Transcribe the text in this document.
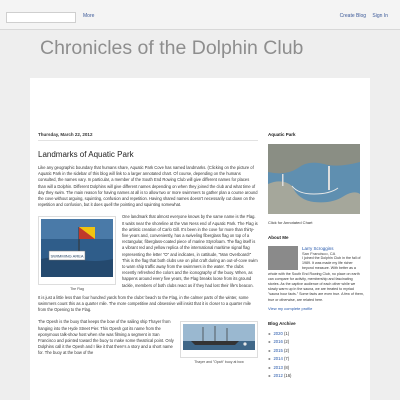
More	Create Blog Sign In
Chronicles of the Dolphin Club
Thursday, March 22, 2012
Landmarks of Aquatic Park

Like any geographic boundary that humans share, Aquatic Park Cove has named landmarks. (Clicking on the picture of Aquatic Park in the sidebar of this blog will link to a larger annotated chart. Of course, depending on the humans consulted, the names vary. In particular, a member of the South End Rowing Club will give different names for places than will a Dolphin. Different Dolphins will give different names depending on when they joined the club and what time of day they swim. The main reason for having names at all is to allow two or more swimmers to gather plan a course around the cove without arguing, squinting, confusion and repetition. Having shared names doesn't necessarily cut down on the repetition and confusion, but it does quell the pointing and squinting somewhat.

SWIMMING AREA
The Flag

One landmark that almost everyone knows by the same name is the Flag. It waits near the shoreline at the Van Ness end of Aquatic Park. The Flag is the artistic creation of Carlo Gill. It's been in the cove for more than thirty-five years and, conveniently, has a swiveling fiberglass flag on top of a rectangular, fiberglass-coated piece of marine Styrofoam. The flag itself is a vibrant red and yellow replica of the international maritime signal flag representing the letter "O" and indicates, in cattitude, "Man Overboard!" This is the flag that both clubs use on pilot craft during an out-of-cove swim to warn ship traffic away from the swimmers in the water. The clubs recently refreshed the colors and the iconography of the buoy. When, as happens around every five years, the Flag breaks loose from its ground tackle, members of both clubs react as if they had lost their life's beacon.

It is just a little less than four hundred yards from the clubs' beach to the Flag, in the calmer parts of the winter, some swimmers count this as a quarter mile. The more competitive and obsessive will insist that it is closer to a quarter mile from the Opening to the Flag.

Thayer and "Opah" buoy at bow

The Opesh is the buoy that keeps the bow of the sailing ship Thayer from hanging into the Hyde Street Pier. This Opesh got its name from the eponymous talk-show host when she was filming a segment in San Francisco and pointed toward the buoy to make some theatrical point. Only Dolphins call it the Opesh and I like it that there's a story and a short name for. The buoy at the bow of the

Aquatic Park
Click for Annotated Chart
About Me
Larry Scroggins
San Francisco, CA
I joined the Dolphin Club in the fall of 1989. It was made my life richer beyond measure. With better as a whole with the South End Rowing Club, no place on earth can compare for activity, membership and fascinating stories. As the captive audience of each other while we slowly warm up in the sauna, we are treated to myriad "sauna hour facts." Some facts are even true. A few of them, true or otherwise, are related here.
View my complete profile
Blog Archive
► 2020 (1)
► 2016 (2)
► 2015 (2)
► 2014 (7)
► 2013 (8)
► 2012 (16)
